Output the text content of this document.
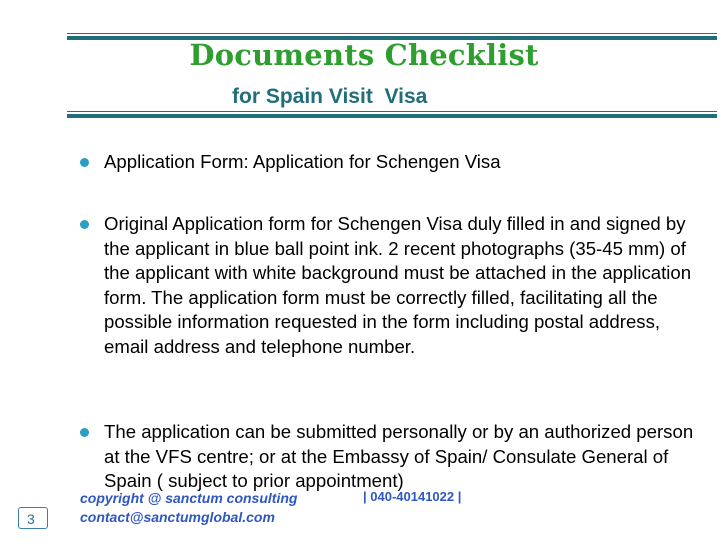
Documents Checklist
for Spain Visit  Visa
Application Form: Application for Schengen Visa
Original Application form for Schengen Visa duly filled in and signed by the applicant in blue ball point ink. 2 recent photographs (35-45 mm) of the applicant with white background must be attached in the application form. The application form must be correctly filled, facilitating all the possible information requested in the form including postal address, email address and telephone number.
The application can be submitted personally or by an authorized person at the VFS centre; or at the Embassy of Spain/ Consulate General of Spain ( subject to prior appointment)
copyright @ sanctum consulting
contact@sanctumglobal.com
| 040-40141022 |
3
